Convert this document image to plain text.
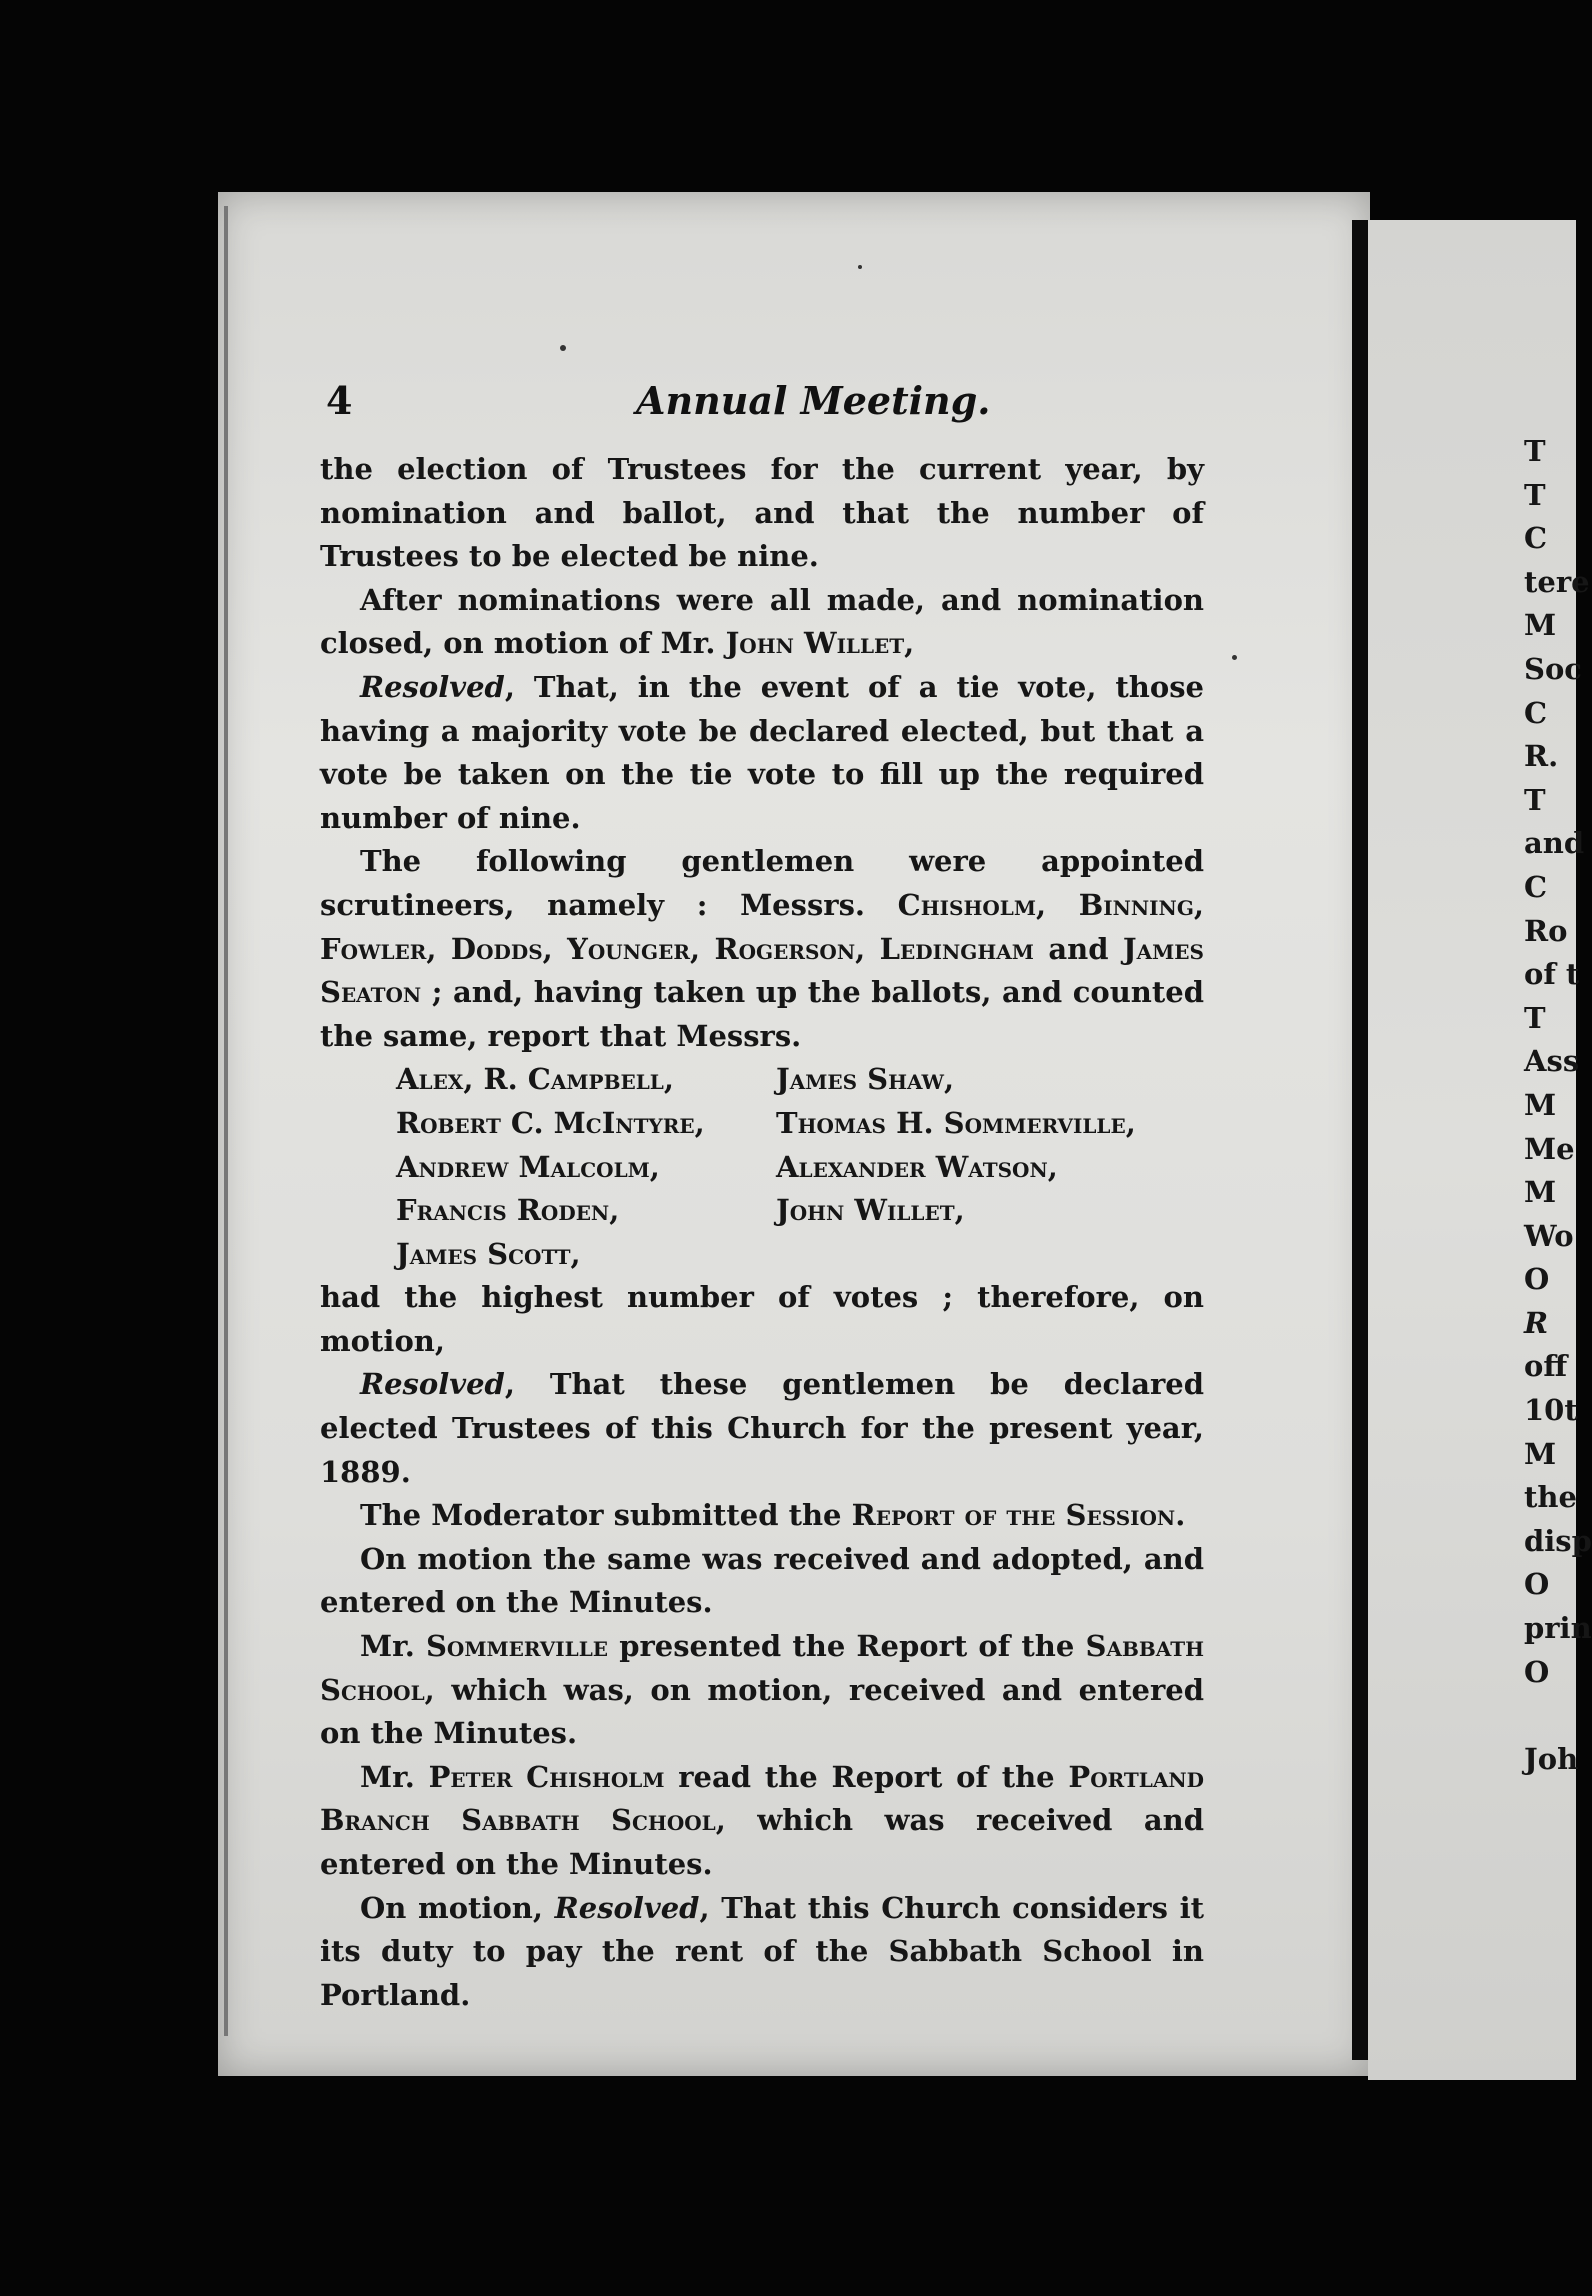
4	Annual Meeting.

the election of Trustees for the current year, by nomination and ballot, and that the number of Trustees to be elected be nine.

After nominations were all made, and nomination closed, on motion of Mr. John Willet,

Resolved, That, in the event of a tie vote, those having a majority vote be declared elected, but that a vote be taken on the tie vote to fill up the required number of nine.

The following gentlemen were appointed scrutineers, namely : Messrs. Chisholm, Binning, Fowler, Dodds, Younger, Rogerson, Ledingham and James Seaton ; and, having taken up the ballots, and counted the same, report that Messrs.

Alex, R. Campbell,
Robert C. McIntyre,
Andrew Malcolm,
Francis Roden,
James Scott,
James Shaw,
Thomas H. Sommerville,
Alexander Watson,
John Willet,

had the highest number of votes ; therefore, on motion,

Resolved, That these gentlemen be declared elected Trustees of this Church for the present year, 1889.

The Moderator submitted the Report of the Session.

On motion the same was received and adopted, and entered on the Minutes.

Mr. Sommerville presented the Report of the Sabbath School, which was, on motion, received and entered on the Minutes.

Mr. Peter Chisholm read the Report of the Portland Branch Sabbath School, which was received and entered on the Minutes.

On motion, Resolved, That this Church considers it its duty to pay the rent of the Sabbath School in Portland.

T
T
C
tere
M
Soc
C
R.
T
and
C
Ro
of t
T
Ass
M
Me
M
Wo
O
R
off
10t
M
the
disp
O
prin
O

Joh
